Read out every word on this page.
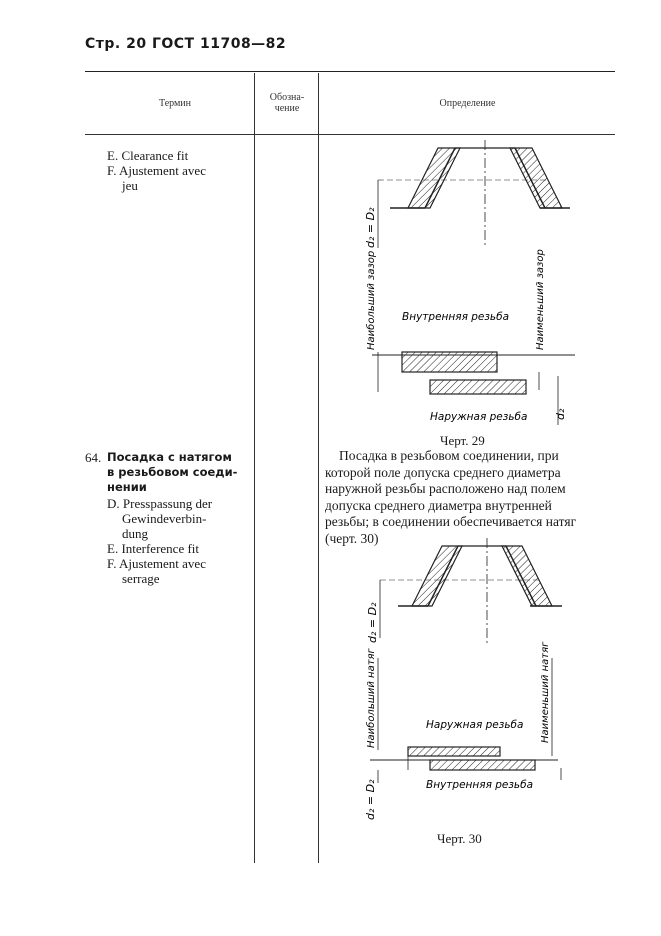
Стр. 20 ГОСТ 11708—82
Термин
Обозна-
чение	Определение
E. Clearance fit
F. Ajustement avec
jeu
d₂ = D₂
Наибольший зазор	Наименьший зазор
Внутренняя резьба
Наружная резьба d₂
Черт. 29
64. Посадка с натягом
в резьбовом соеди-
нении
D. Presspassung der
Gewindeverbin-
dung
E. Interference fit
F. Ajustement avec
serrage
Посадка в резьбовом соединении, при
которой поле допуска среднего диаметра
наружной резьбы расположено над полем
допуска среднего диаметра внутренней
резьбы; в соединении обеспечивается натяг
(черт. 30)
d₂ = D₂
Наибольший натяг	Наименьший натяг
Наружная резьба
Внутренняя резьба
d₂ = D₂
Черт. 30
